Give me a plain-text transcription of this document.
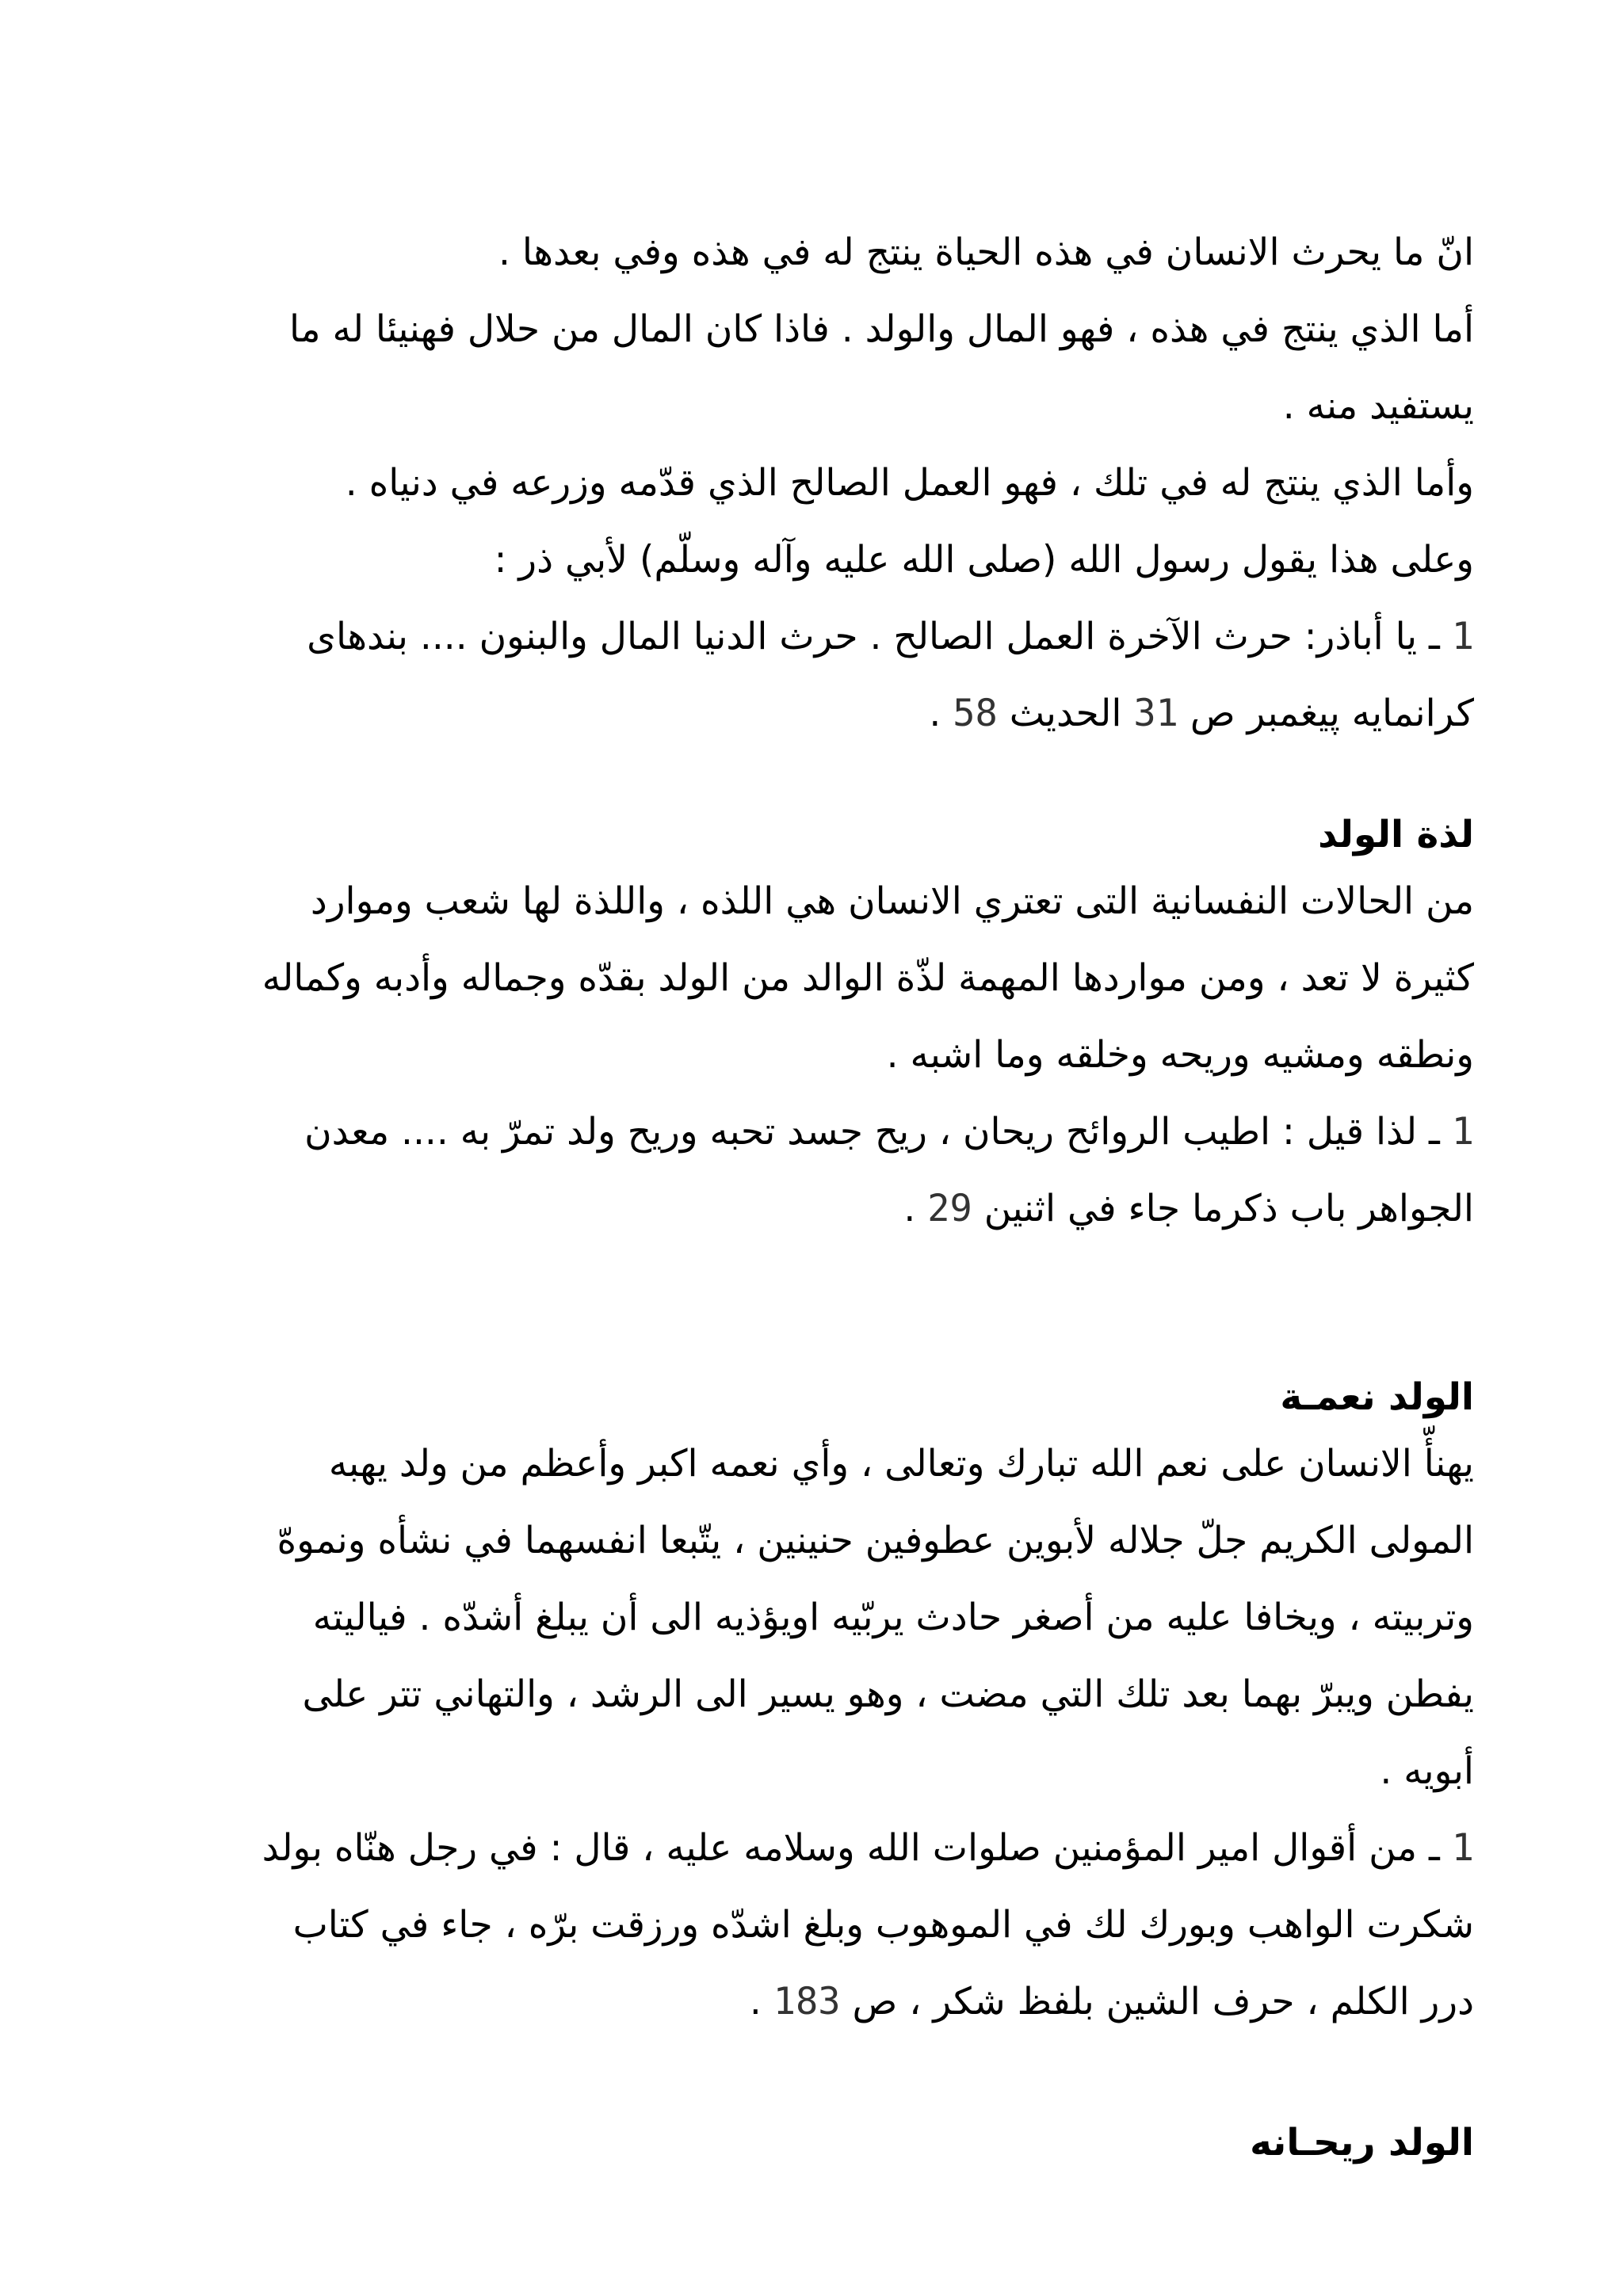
انّ ما يحرث الانسان في هذه الحياة ينتج له في هذه وفي بعدها .
أما الذي ينتج في هذه ، فهو المال والولد . فاذا كان المال من حلال فهنيئا له ما
يستفيد منه .
وأما الذي ينتج له في تلك ، فهو العمل الصالح الذي قدّمه وزرعه في دنياه .
وعلى هذا يقول رسول الله (صلى الله عليه وآله وسلّم) لأبي ذر :
1 ـ يا أباذر: حرث الآخرة العمل الصالح . حرث الدنيا المال والبنون .... بندهای
كرانمايه پيغمبر ص 31 الحديث 58 .
لذة الولد
من الحالات النفسانية التى تعتري الانسان هي اللذه ، واللذة لها شعب وموارد
كثيرة لا تعد ، ومن مواردها المهمة لذّة الوالد من الولد بقدّه وجماله وأدبه وكماله
ونطقه ومشيه وريحه وخلقه وما اشبه .
1 ـ لذا قيل : اطيب الروائح ريحان ، ريح جسد تحبه وريح ولد تمرّ به .... معدن
الجواهر باب ذكرما جاء في اثنين 29 .
الولد نعمـة
يهنأّ الانسان على نعم الله تبارك وتعالى ، وأي نعمه اكبر وأعظم من ولد يهبه
المولى الكريم جلّ جلاله لأبوين عطوفين حنينين ، يتّبعا انفسهما في نشأه ونموهّ
وتربيته ، ويخافا عليه من أصغر حادث يربّيه اويؤذيه الى أن يبلغ أشدّه . فياليته
يفطن ويبرّ بهما بعد تلك التي مضت ، وهو يسير الى الرشد ، والتهاني تتر على
أبويه .
1 ـ من أقوال امير المؤمنين صلوات الله وسلامه عليه ، قال : في رجل هنّاه بولد
شكرت الواهب وبورك لك في الموهوب وبلغ اشدّه ورزقت برّه ، جاء في كتاب
درر الكلم ، حرف الشين بلفظ شكر ، ص 183 .
الولد ريحـانه
